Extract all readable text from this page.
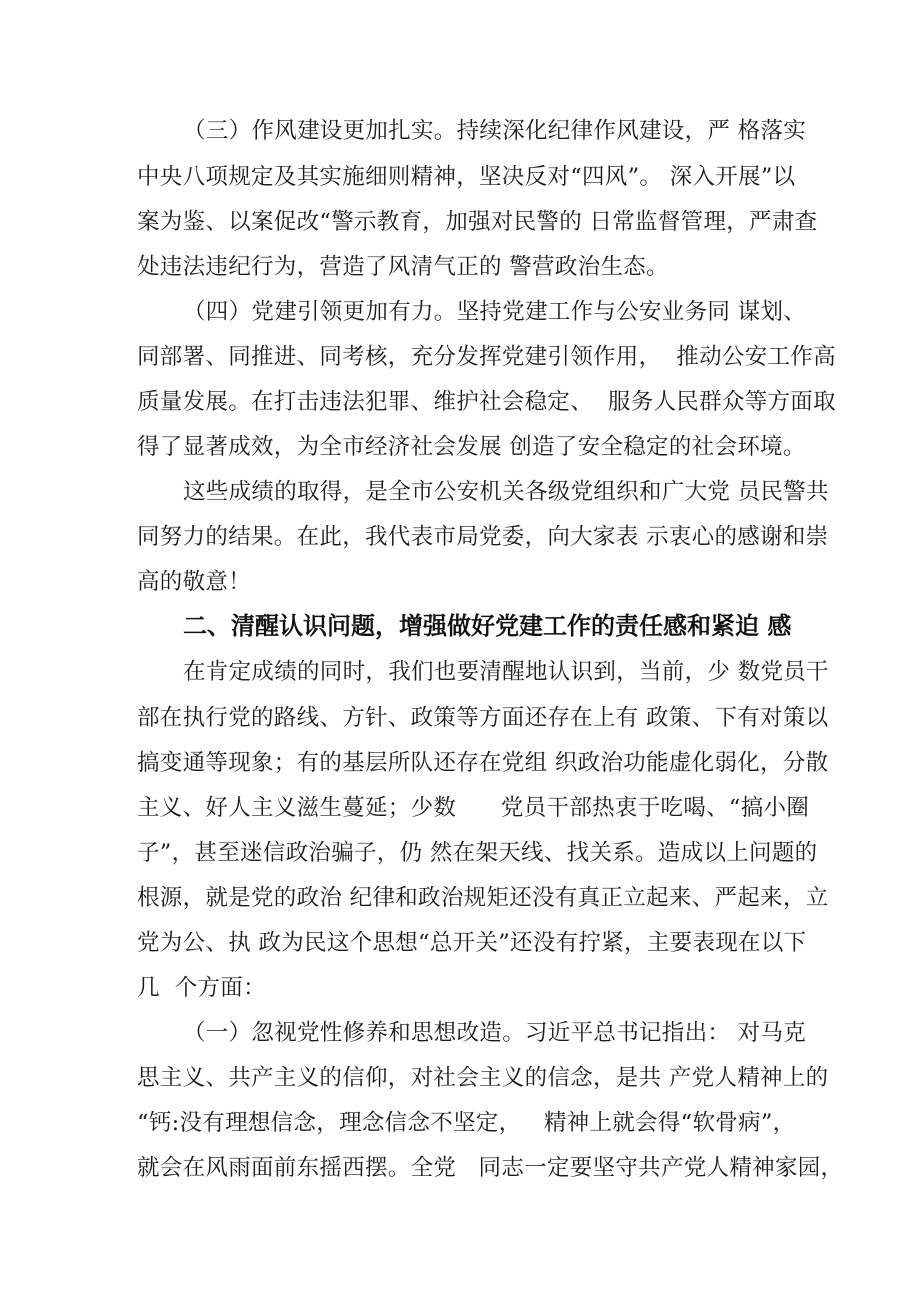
（三）作风建设更加扎实。持续深化纪律作风建设，严 格落实
中央八项规定及其实施细则精神，坚决反对“四风”。 深入开展”以
案为鉴、以案促改“警示教育，加强对民警的 日常监督管理，严肃查
处违法违纪行为，营造了风清气正的 警营政治生态。
（四）党建引领更加有力。坚持党建工作与公安业务同 谋划、
同部署、同推进、同考核，充分发挥党建引领作用，  推动公安工作高
质量发展。在打击违法犯罪、维护社会稳定、  服务人民群众等方面取
得了显著成效，为全市经济社会发展 创造了安全稳定的社会环境。
这些成绩的取得，是全市公安机关各级党组织和广大党 员民警共
同努力的结果。在此，我代表市局党委，向大家表 示衷心的感谢和崇
高的敬意！
二、清醒认识问题，增强做好党建工作的责任感和紧迫 感
在肯定成绩的同时，我们也要清醒地认识到，当前，少 数党员干
部在执行党的路线、方针、政策等方面还存在上有 政策、下有对策以
搞变通等现象；有的基层所队还存在党组 织政治功能虚化弱化，分散
主义、好人主义滋生蔓延；少数      党员干部热衷于吃喝、“搞小圈
子”，甚至迷信政治骗子，仍 然在架天线、找关系。造成以上问题的
根源，就是党的政治 纪律和政治规矩还没有真正立起来、严起来，立
党为公、执 政为民这个思想“总开关”还没有拧紧，主要表现在以下
几  个方面：
（一）忽视党性修养和思想改造。习近平总书记指出： 对马克
思主义、共产主义的信仰，对社会主义的信念，是共 产党人精神上的
“钙:没有理想信念，理念信念不坚定，   精神上就会得“软骨病”，
就会在风雨面前东摇西摆。全党   同志一定要坚守共产党人精神家园，
